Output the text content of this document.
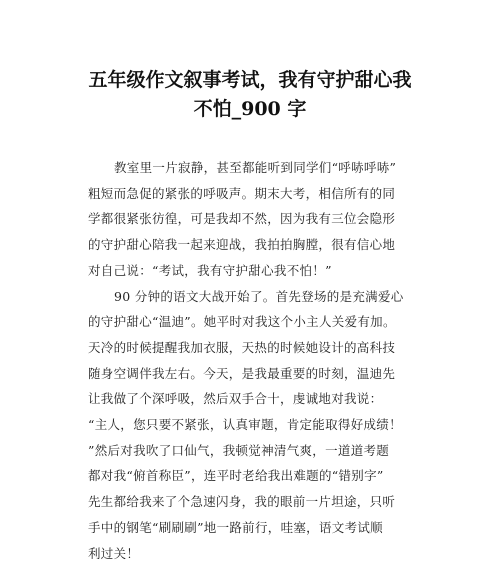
五年级作文叙事考试，我有守护甜心我
不怕_900 字

教室里一片寂静，甚至都能听到同学们“呼哧呼哧”
粗短而急促的紧张的呼吸声。期末大考，相信所有的同
学都很紧张彷徨，可是我却不然，因为我有三位会隐形
的守护甜心陪我一起来迎战，我拍拍胸膛，很有信心地
对自己说：“考试，我有守护甜心我不怕！”

90 分钟的语文大战开始了。首先登场的是充满爱心
的守护甜心“温迪”。她平时对我这个小主人关爱有加。
天冷的时候提醒我加衣服，天热的时候她设计的高科技
随身空调伴我左右。今天，是我最重要的时刻，温迪先
让我做了个深呼吸，然后双手合十，虔诚地对我说：
“主人，您只要不紧张，认真审题，肯定能取得好成绩！
”然后对我吹了口仙气，我顿觉神清气爽，一道道考题
都对我“俯首称臣”，连平时老给我出难题的“错别字”
先生都给我来了个急速闪身，我的眼前一片坦途，只听
手中的钢笔“刷刷刷”地一路前行，哇塞，语文考试顺
利过关！
